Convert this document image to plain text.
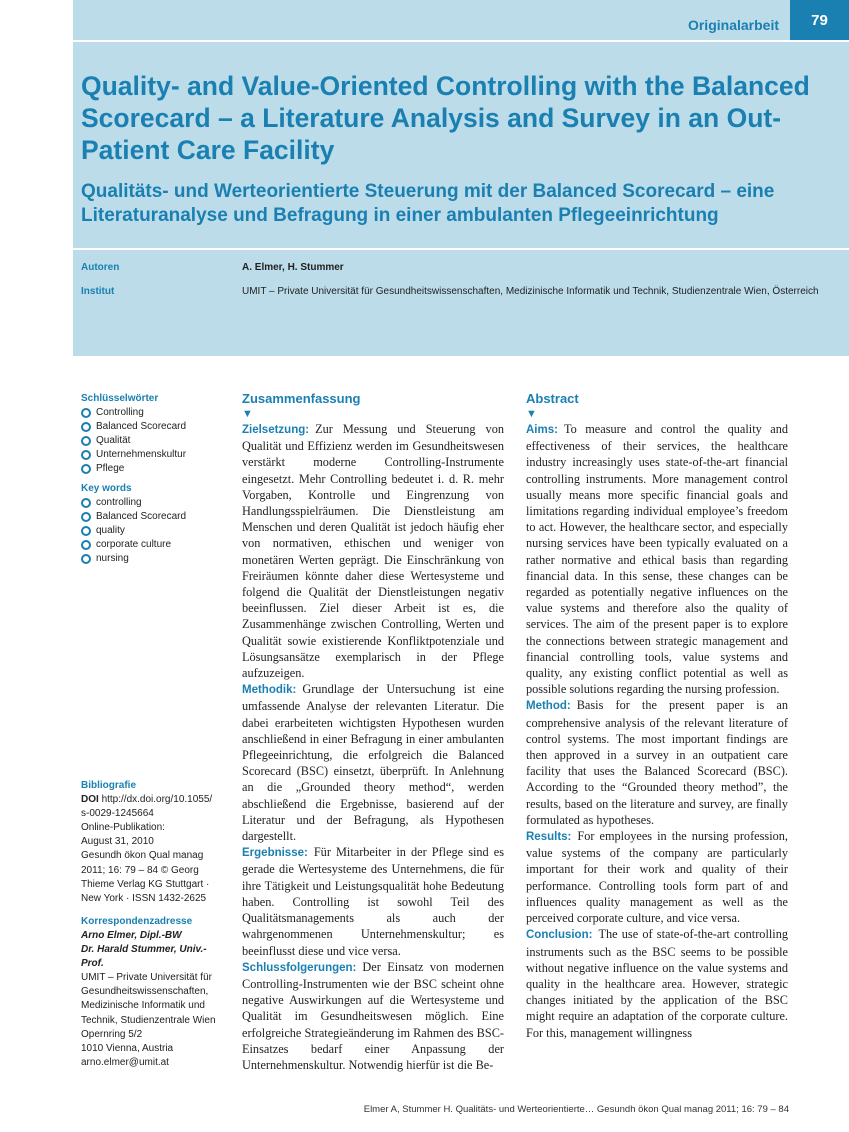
Originalarbeit	79
Quality- and Value-Oriented Controlling with the Balanced Scorecard – a Literature Analysis and Survey in an Out-Patient Care Facility
Qualitäts- und Werteorientierte Steuerung mit der Balanced Scorecard – eine Literaturanalyse und Befragung in einer ambulanten Pflegeeinrichtung
Autoren	A. Elmer, H. Stummer
Institut	UMIT – Private Universität für Gesundheitswissenschaften, Medizinische Informatik und Technik, Studienzentrale Wien, Österreich
Schlüsselwörter
Controlling
Balanced Scorecard
Qualität
Unternehmenskultur
Pflege
Key words
controlling
Balanced Scorecard
quality
corporate culture
nursing
Bibliografie
DOI http://dx.doi.org/10.1055/
s-0029-1245664
Online-Publikation:
August 31, 2010
Gesundh ökon Qual manag
2011; 16: 79 – 84 © Georg
Thieme Verlag KG Stuttgart ·
New York · ISSN 1432-2625
Korrespondenzadresse
Arno Elmer, Dipl.-BW
Dr. Harald Stummer, Univ.-
Prof.
UMIT – Private Universität für
Gesundheitswissenschaften,
Medizinische Informatik und
Technik, Studienzentrale Wien
Opernring 5/2
1010 Vienna, Austria
arno.elmer@umit.at
Zusammenfassung
▼

Zielsetzung: Zur Messung und Steuerung von Qualität und Effizienz werden im Gesundheitswesen verstärkt moderne Controlling-Instrumente eingesetzt. Mehr Controlling bedeutet i. d. R. mehr Vorgaben, Kontrolle und Eingrenzung von Handlungsspielräumen. Die Dienstleistung am Menschen und deren Qualität ist jedoch häufig eher von normativen, ethischen und weniger von monetären Werten geprägt. Die Einschränkung von Freiräumen könnte daher diese Wertesysteme und folgend die Qualität der Dienstleistungen negativ beeinflussen. Ziel dieser Arbeit ist es, die Zusammenhänge zwischen Controlling, Werten und Qualität sowie existierende Konfliktpotenziale und Lösungsansätze exemplarisch in der Pflege aufzuzeigen.

Methodik: Grundlage der Untersuchung ist eine umfassende Analyse der relevanten Literatur. Die dabei erarbeiteten wichtigsten Hypothesen wurden anschließend in einer Befragung in einer ambulanten Pflegeeinrichtung, die erfolgreich die Balanced Scorecard (BSC) einsetzt, überprüft. In Anlehnung an die „Grounded theory method“, werden abschließend die Ergebnisse, basierend auf der Literatur und der Befragung, als Hypothesen dargestellt.

Ergebnisse: Für Mitarbeiter in der Pflege sind es gerade die Wertesysteme des Unternehmens, die für ihre Tätigkeit und Leistungsqualität hohe Bedeutung haben. Controlling ist sowohl Teil des Qualitätsmanagements als auch der wahrgenommenen Unternehmenskultur; es beeinflusst diese und vice versa.

Schlussfolgerungen: Der Einsatz von modernen Controlling-Instrumenten wie der BSC scheint ohne negative Auswirkungen auf die Wertesysteme und Qualität im Gesundheitswesen möglich. Eine erfolgreiche Strategieänderung im Rahmen des BSC-Einsatzes bedarf einer Anpassung der Unternehmenskultur. Notwendig hierfür ist die Be-

Abstract
▼

Aims: To measure and control the quality and effectiveness of their services, the healthcare industry increasingly uses state-of-the-art financial controlling instruments. More management control usually means more specific financial goals and limitations regarding individual employee’s freedom to act. However, the healthcare sector, and especially nursing services have been typically evaluated on a rather normative and ethical basis than regarding financial data. In this sense, these changes can be regarded as potentially negative influences on the value systems and therefore also the quality of services. The aim of the present paper is to explore the connections between strategic management and financial controlling tools, value systems and quality, any existing conflict potential as well as possible solutions regarding the nursing profession.

Method: Basis for the present paper is an comprehensive analysis of the relevant literature of control systems. The most important findings are then approved in a survey in an outpatient care facility that uses the Balanced Scorecard (BSC). According to the “Grounded theory method”, the results, based on the literature and survey, are finally formulated as hypotheses.

Results: For employees in the nursing profession, value systems of the company are particularly important for their work and quality of their performance. Controlling tools form part of and influences quality management as well as the perceived corporate culture, and vice versa.

Conclusion: The use of state-of-the-art controlling instruments such as the BSC seems to be possible without negative influence on the value systems and quality in the healthcare area. However, strategic changes initiated by the application of the BSC might require an adaptation of the corporate culture. For this, management willingness

Elmer A, Stummer H. Qualitäts- und Werteorientierte… Gesundh ökon Qual manag 2011; 16: 79 – 84
